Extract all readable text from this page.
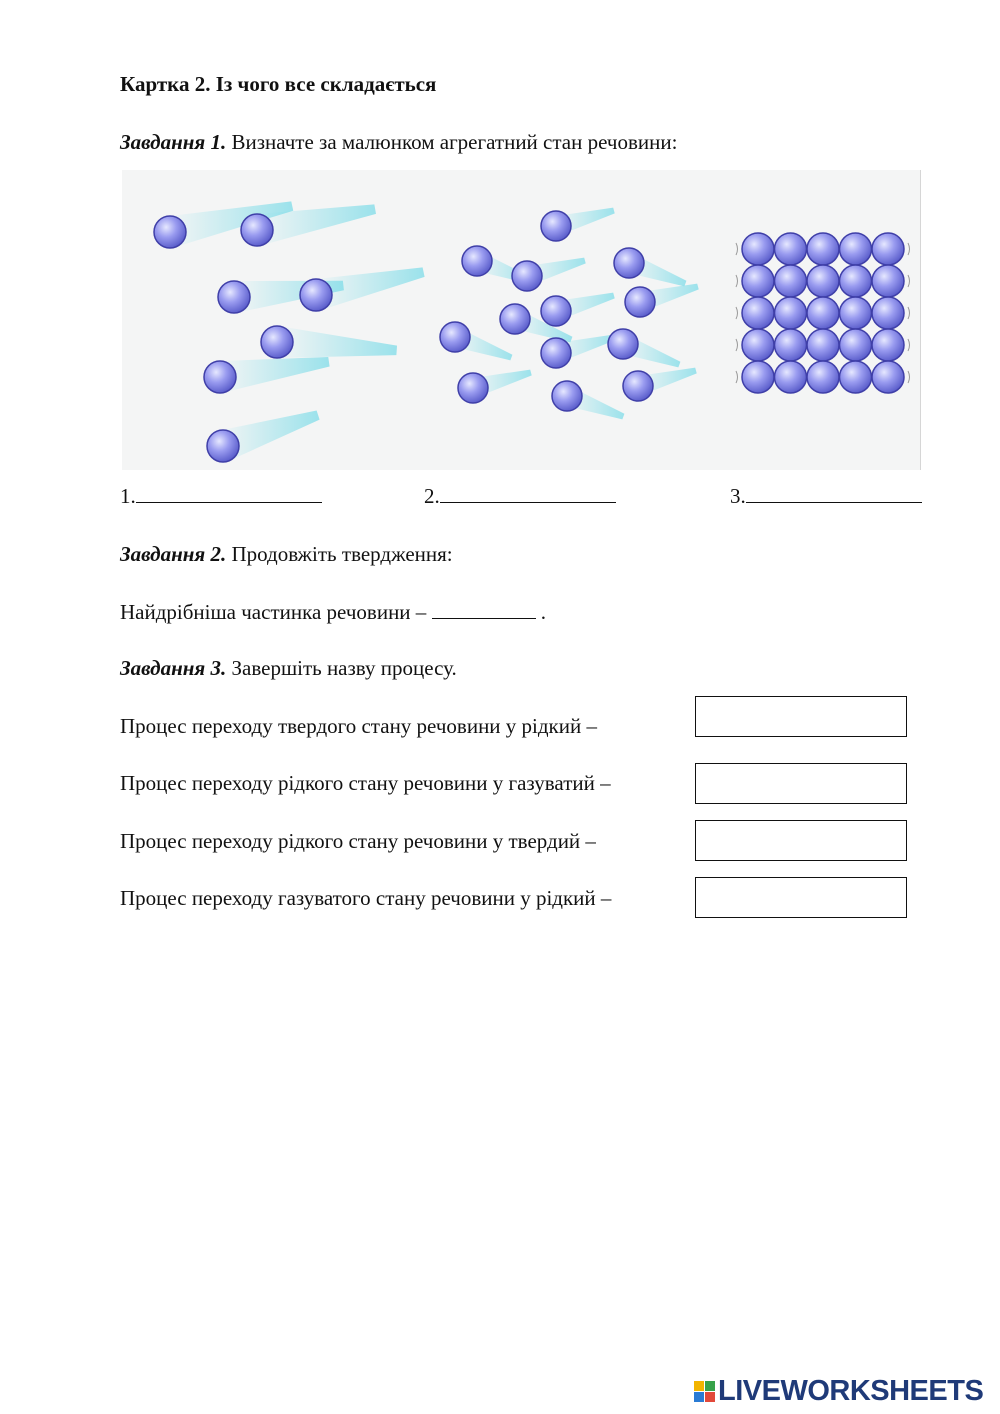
Картка 2. Із чого все складається
Завдання 1. Визначте за малюнком агрегатний стан речовини:
1.	2.	3.
Завдання 2. Продовжіть твердження:
Найдрібніша частинка речовини –	.
Завдання 3. Завершіть назву процесу.
Процес переходу твердого стану речовини у рідкий –
Процес переходу рідкого стану речовини у газуватий –
Процес переходу рідкого стану речовини у твердий –
Процес переходу газуватого стану речовини у рідкий –
LIVEWORKSHEETS
